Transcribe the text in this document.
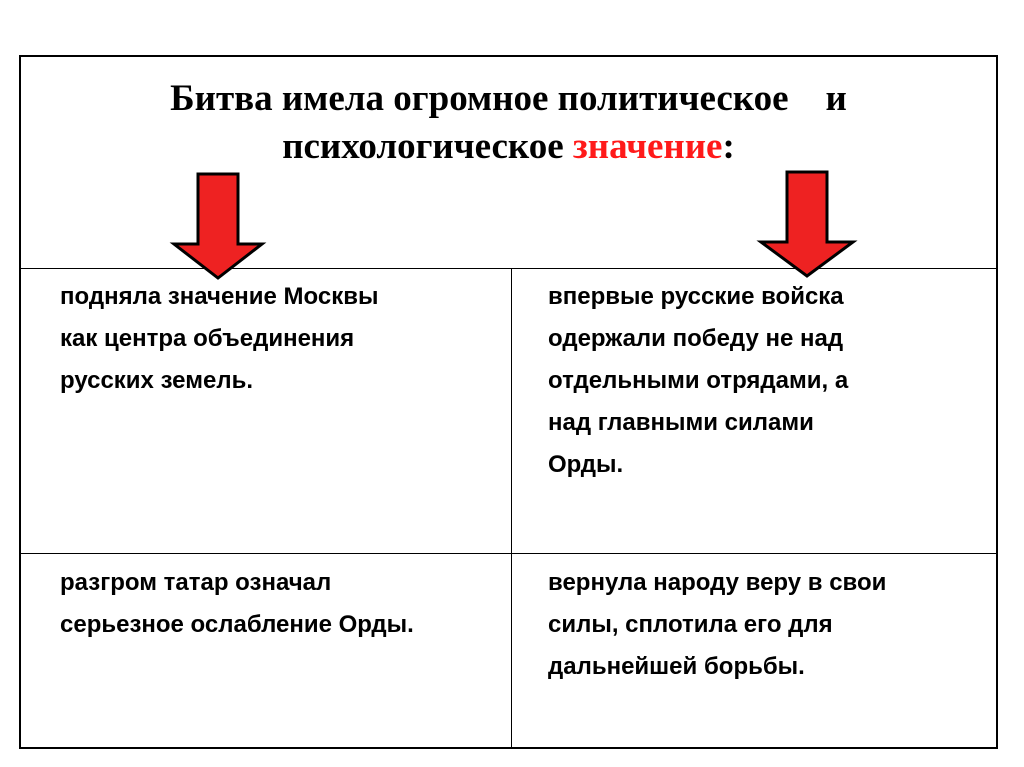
Битва имела огромное политическое    и
психологическое значение:
подняла значение Москвы
как центра объединения
русских земель.
впервые русские войска
одержали победу не над
отдельными отрядами, а
над главными силами
Орды.
разгром татар означал
серьезное ослабление Орды.
вернула народу веру в свои
силы, сплотила его для
дальнейшей борьбы.
